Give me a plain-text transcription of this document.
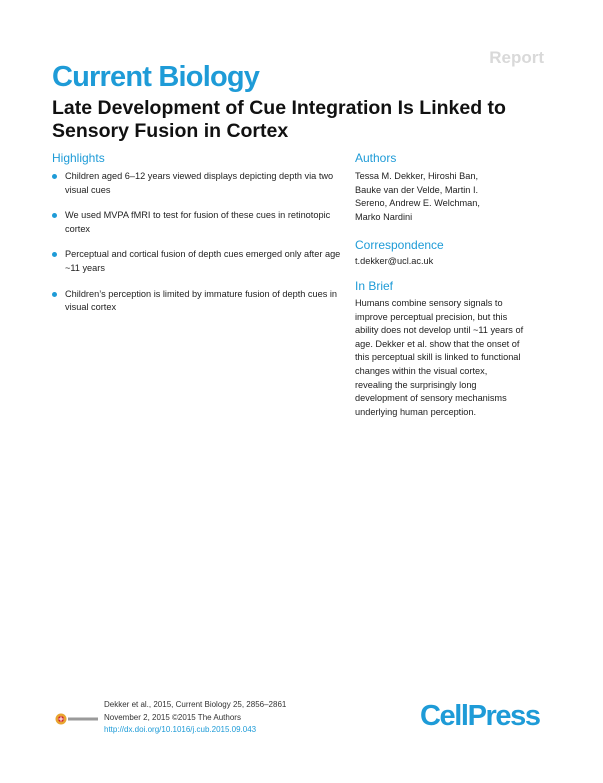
Report
Current Biology
Late Development of Cue Integration Is Linked to Sensory Fusion in Cortex
Highlights
Children aged 6–12 years viewed displays depicting depth via two visual cues
We used MVPA fMRI to test for fusion of these cues in retinotopic cortex
Perceptual and cortical fusion of depth cues emerged only after age ~11 years
Children’s perception is limited by immature fusion of depth cues in visual cortex
Authors
Tessa M. Dekker, Hiroshi Ban,
Bauke van der Velde, Martin I.
Sereno, Andrew E. Welchman,
Marko Nardini
Correspondence
t.dekker@ucl.ac.uk
In Brief
Humans combine sensory signals to
improve perceptual precision, but this
ability does not develop until ~11 years of
age. Dekker et al. show that the onset of
this perceptual skill is linked to functional
changes within the visual cortex,
revealing the surprisingly long
development of sensory mechanisms
underlying human perception.
Dekker et al., 2015, Current Biology 25, 2856–2861
November 2, 2015 ©2015 The Authors
http://dx.doi.org/10.1016/j.cub.2015.09.043	CellPress
